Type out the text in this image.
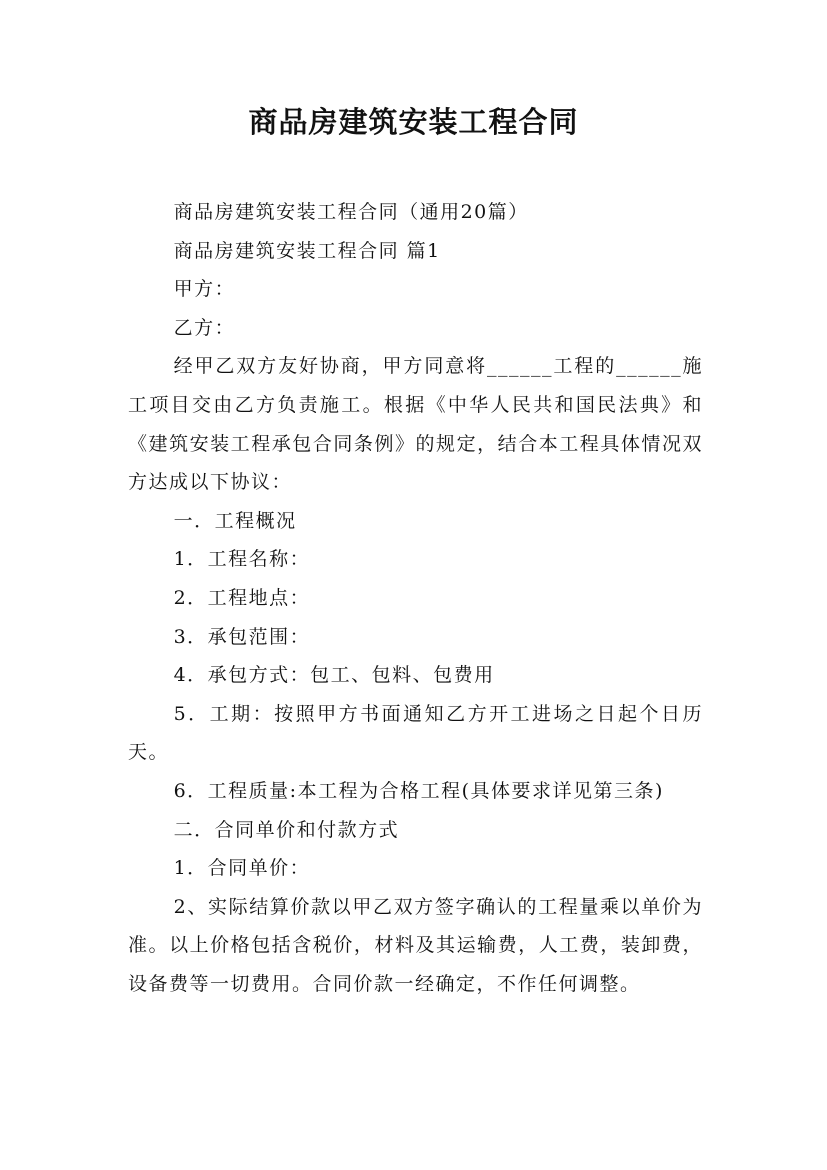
商品房建筑安装工程合同

商品房建筑安装工程合同（通用20篇）

商品房建筑安装工程合同 篇1

甲方：

乙方：

经甲乙双方友好协商，甲方同意将______工程的______施工项目交由乙方负责施工。根据《中华人民共和国民法典》和《建筑安装工程承包合同条例》的规定，结合本工程具体情况双方达成以下协议：

一．工程概况

1．工程名称：

2．工程地点：

3．承包范围：

4．承包方式：包工、包料、包费用

5．工期：按照甲方书面通知乙方开工进场之日起个日历天。

6．工程质量:本工程为合格工程(具体要求详见第三条)

二．合同单价和付款方式

1．合同单价：

2、实际结算价款以甲乙双方签字确认的工程量乘以单价为准。以上价格包括含税价，材料及其运输费，人工费，装卸费，设备费等一切费用。合同价款一经确定，不作任何调整。
